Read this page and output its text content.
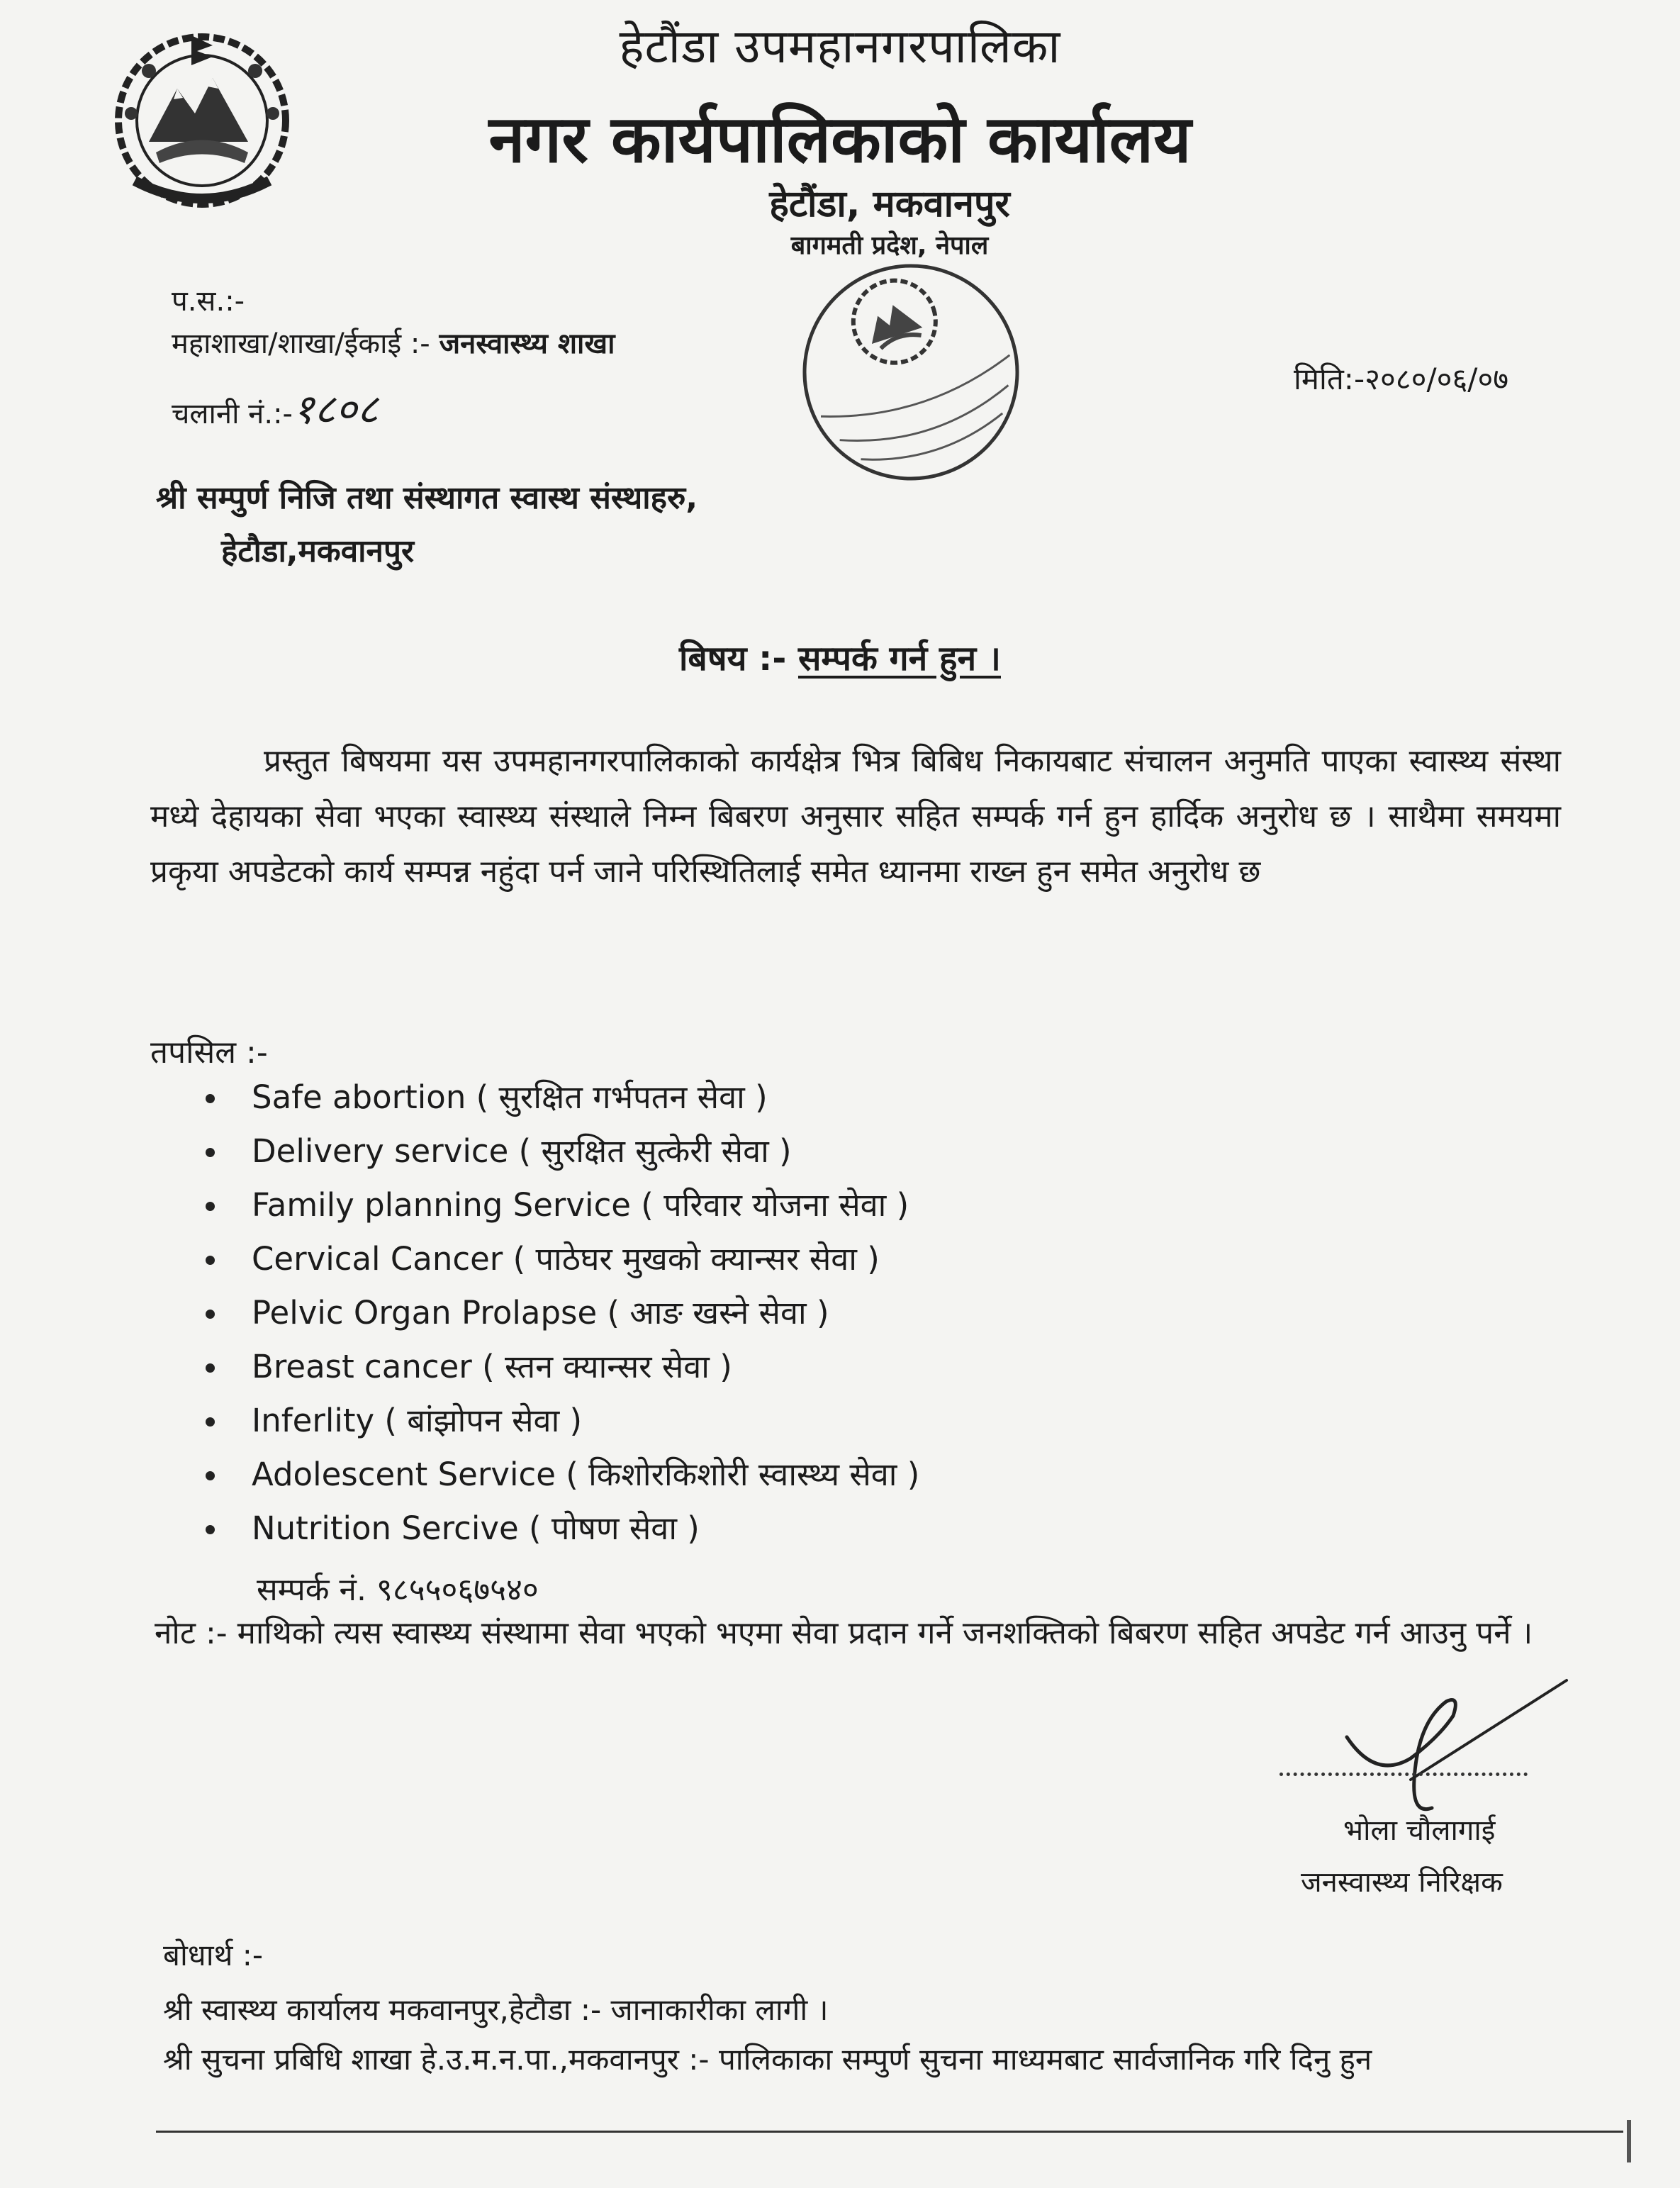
हेटौंडा उपमहानगरपालिका
नगर कार्यपालिकाको कार्यालय
हेटौंडा, मकवानपुर
बागमती प्रदेश, नेपाल
प.स.:-
महाशाखा/शाखा/ईकाई :- जनस्वास्थ्य शाखा
चलानी नं.:-१८०८
मिति:-२०८०/०६/०७
श्री सम्पुर्ण निजि तथा संस्थागत स्वास्थ संस्थाहरु,
हेटौडा,मकवानपुर
बिषय :- सम्पर्क गर्न हुन ।
प्रस्तुत बिषयमा यस उपमहानगरपालिकाको कार्यक्षेत्र भित्र बिबिध निकायबाट संचालन अनुमति पाएका स्वास्थ्य संस्था मध्ये देहायका सेवा भएका स्वास्थ्य संस्थाले निम्न बिबरण अनुसार सहित सम्पर्क गर्न हुन हार्दिक अनुरोध छ । साथैमा समयमा प्रकृया अपडेटको कार्य सम्पन्न नहुंदा पर्न जाने परिस्थितिलाई समेत ध्यानमा राख्न हुन समेत अनुरोध छ
तपसिल :-
Safe abortion ( सुरक्षित गर्भपतन सेवा )
Delivery service ( सुरक्षित सुत्केरी सेवा )
Family planning Service ( परिवार योजना सेवा )
Cervical Cancer ( पाठेघर मुखको क्यान्सर सेवा )
Pelvic Organ Prolapse ( आङ खस्ने सेवा )
Breast cancer ( स्तन क्यान्सर सेवा )
Inferlity ( बांझोपन सेवा )
Adolescent Service ( किशोरकिशोरी स्वास्थ्य सेवा )
Nutrition Sercive ( पोषण सेवा )
सम्पर्क नं. ९८५५०६७५४०
नोट :- माथिको त्यस स्वास्थ्य संस्थामा सेवा भएको भएमा सेवा प्रदान गर्ने जनशक्तिको बिबरण सहित अपडेट गर्न आउनु पर्ने ।
भोला चौलागाई
जनस्वास्थ्य निरिक्षक
बोधार्थ :-
श्री स्वास्थ्य कार्यालय मकवानपुर,हेटौडा :- जानाकारीका लागी ।
श्री सुचना प्रबिधि शाखा हे.उ.म.न.पा.,मकवानपुर :- पालिकाका सम्पुर्ण सुचना माध्यमबाट सार्वजानिक गरि दिनु हुन
